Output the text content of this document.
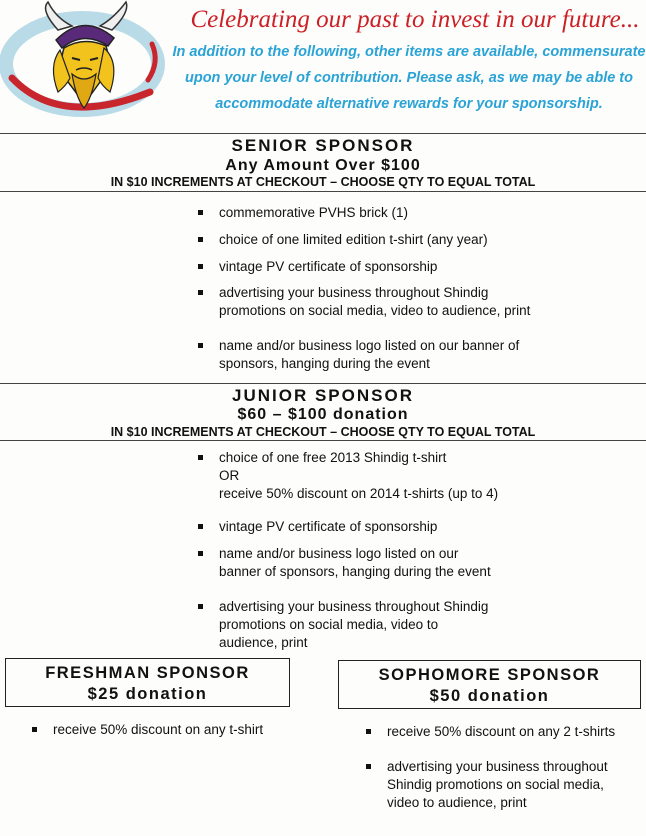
Celebrating our past to invest in our future...
In addition to the following, other items are available, commensurate
upon your level of contribution. Please ask, as we may be able to
accommodate alternative rewards for your sponsorship.
SENIOR SPONSOR
Any Amount Over $100
IN $10 INCREMENTS AT CHECKOUT – CHOOSE QTY TO EQUAL TOTAL
commemorative PVHS brick (1)
choice of one limited edition t-shirt (any year)
vintage PV certificate of sponsorship
advertising your business throughout Shindig
promotions on social media, video to audience, print
name and/or business logo listed on our banner of
sponsors, hanging during the event
JUNIOR SPONSOR
$60 – $100 donation
IN $10 INCREMENTS AT CHECKOUT – CHOOSE QTY TO EQUAL TOTAL
choice of one free 2013 Shindig t-shirt
OR
receive 50% discount on 2014 t-shirts (up to 4)
vintage PV certificate of sponsorship
name and/or business logo listed on our
banner of sponsors, hanging during the event
advertising your business throughout Shindig
promotions on social media, video to
audience, print
FRESHMAN SPONSOR
$25 donation
receive 50% discount on any t-shirt
SOPHOMORE SPONSOR
$50 donation
receive 50% discount on any 2 t-shirts
advertising your business throughout
Shindig promotions on social media,
video to audience, print
